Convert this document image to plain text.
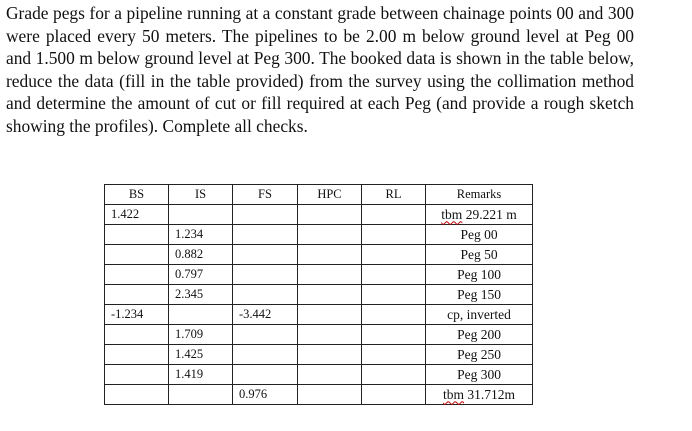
Grade pegs for a pipeline running at a constant grade between chainage points 00 and 300 were placed every 50 meters. The pipelines to be 2.00 m below ground level at Peg 00 and 1.500 m below ground level at Peg 300. The booked data is shown in the table below, reduce the data (fill in the table provided) from the survey using the collimation method and determine the amount of cut or fill required at each Peg (and provide a rough sketch showing the profiles). Complete all checks.

BS	IS	FS	HPC	RL	Remarks
1.422					tbm 29.221 m
	1.234				Peg 00
	0.882				Peg 50
	0.797				Peg 100
	2.345				Peg 150
-1.234		-3.442			cp, inverted
	1.709				Peg 200
	1.425				Peg 250
	1.419				Peg 300
		0.976			tbm 31.712m
